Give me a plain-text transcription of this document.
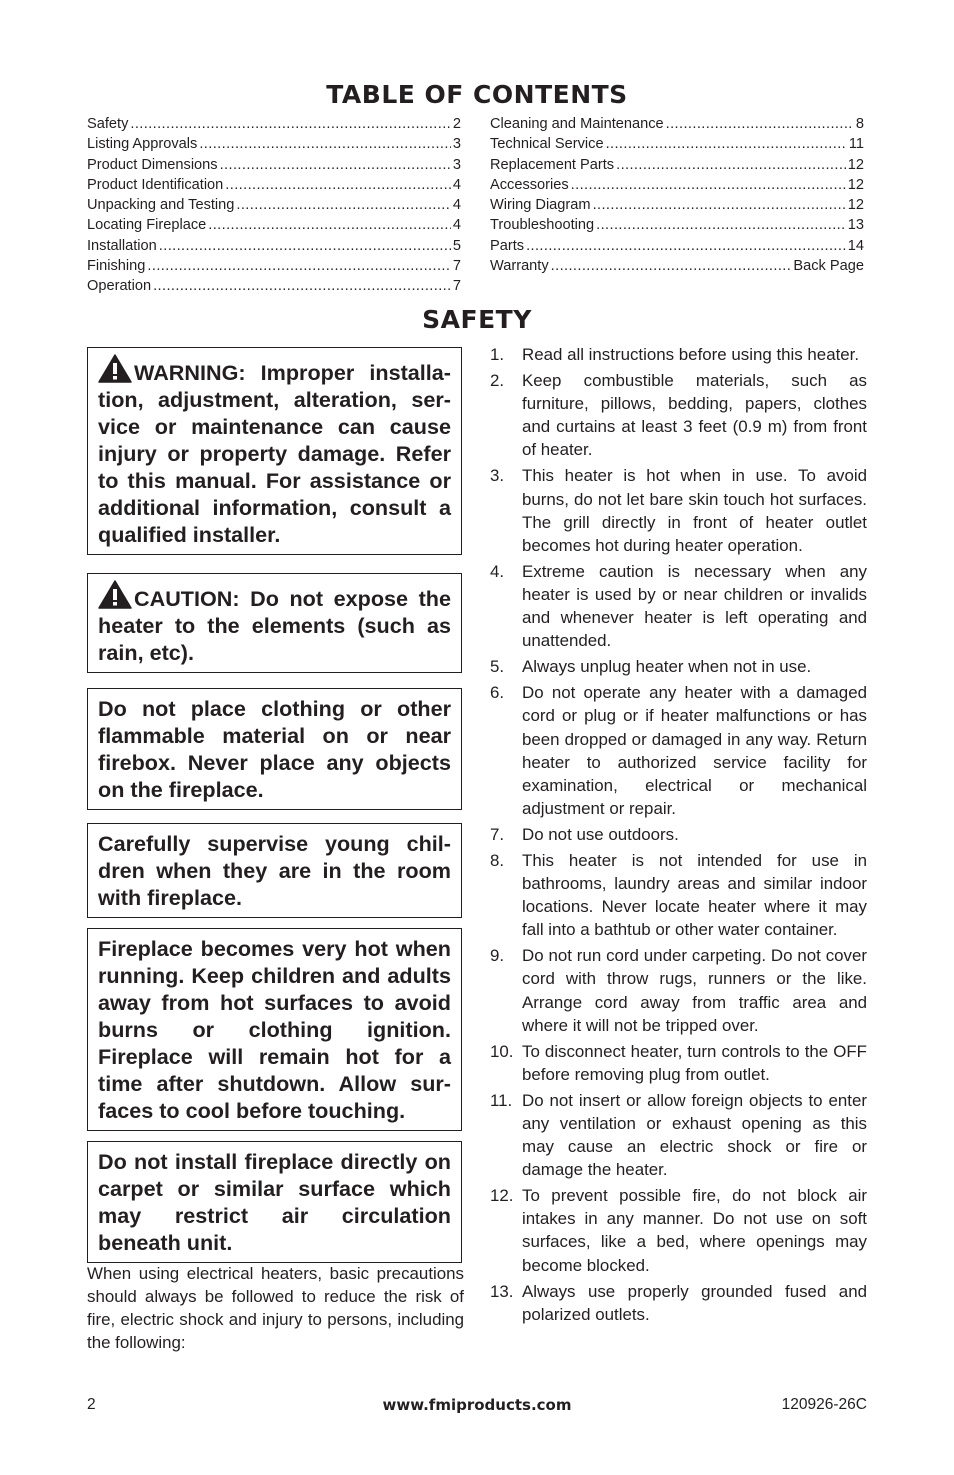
TABLE OF CONTENTS
Safety .....	2
Listing Approvals .....	3
Product Dimensions .....	3
Product Identification .....	4
Unpacking and Testing .....	4
Locating Fireplace .....	4
Installation .....	5
Finishing .....	7
Operation .....	7
Cleaning and Maintenance .....	8
Technical Service .....	11
Replacement Parts .....	12
Accessories .....	12
Wiring Diagram .....	12
Troubleshooting .....	13
Parts .....	14
Warranty .....	Back Page
SAFETY
WARNING: Improper installation, adjustment, alteration, service or maintenance can cause injury or property damage. Refer to this manual. For assistance or additional information, consult a qualified installer.
CAUTION: Do not expose the heater to the elements (such as rain, etc).
Do not place clothing or other flammable material on or near firebox. Never place any objects on the fireplace.
Carefully supervise young children when they are in the room with fireplace.
Fireplace becomes very hot when running. Keep children and adults away from hot surfaces to avoid burns or clothing ignition. Fireplace will remain hot for a time after shutdown. Allow surfaces to cool before touching.
Do not install fireplace directly on carpet or similar surface which may restrict air circulation beneath unit.
When using electrical heaters, basic precautions should always be followed to reduce the risk of fire, electric shock and injury to persons, including the following:
1. Read all instructions before using this heater.
2. Keep combustible materials, such as furniture, pillows, bedding, papers, clothes and curtains at least 3 feet (0.9 m) from front of heater.
3. This heater is hot when in use. To avoid burns, do not let bare skin touch hot surfaces. The grill directly in front of heater outlet becomes hot during heater operation.
4. Extreme caution is necessary when any heater is used by or near children or invalids and whenever heater is left operating and unattended.
5. Always unplug heater when not in use.
6. Do not operate any heater with a damaged cord or plug or if heater malfunctions or has been dropped or damaged in any way. Return heater to authorized service facility for examination, electrical or mechanical adjustment or repair.
7. Do not use outdoors.
8. This heater is not intended for use in bathrooms, laundry areas and similar indoor locations. Never locate heater where it may fall into a bathtub or other water container.
9. Do not run cord under carpeting. Do not cover cord with throw rugs, runners or the like. Arrange cord away from traffic area and where it will not be tripped over.
10. To disconnect heater, turn controls to the OFF before removing plug from outlet.
11. Do not insert or allow foreign objects to enter any ventilation or exhaust opening as this may cause an electric shock or fire or damage the heater.
12. To prevent possible fire, do not block air intakes in any manner. Do not use on soft surfaces, like a bed, where openings may become blocked.
13. Always use properly grounded fused and polarized outlets.
2	www.fmiproducts.com	120926-26C
